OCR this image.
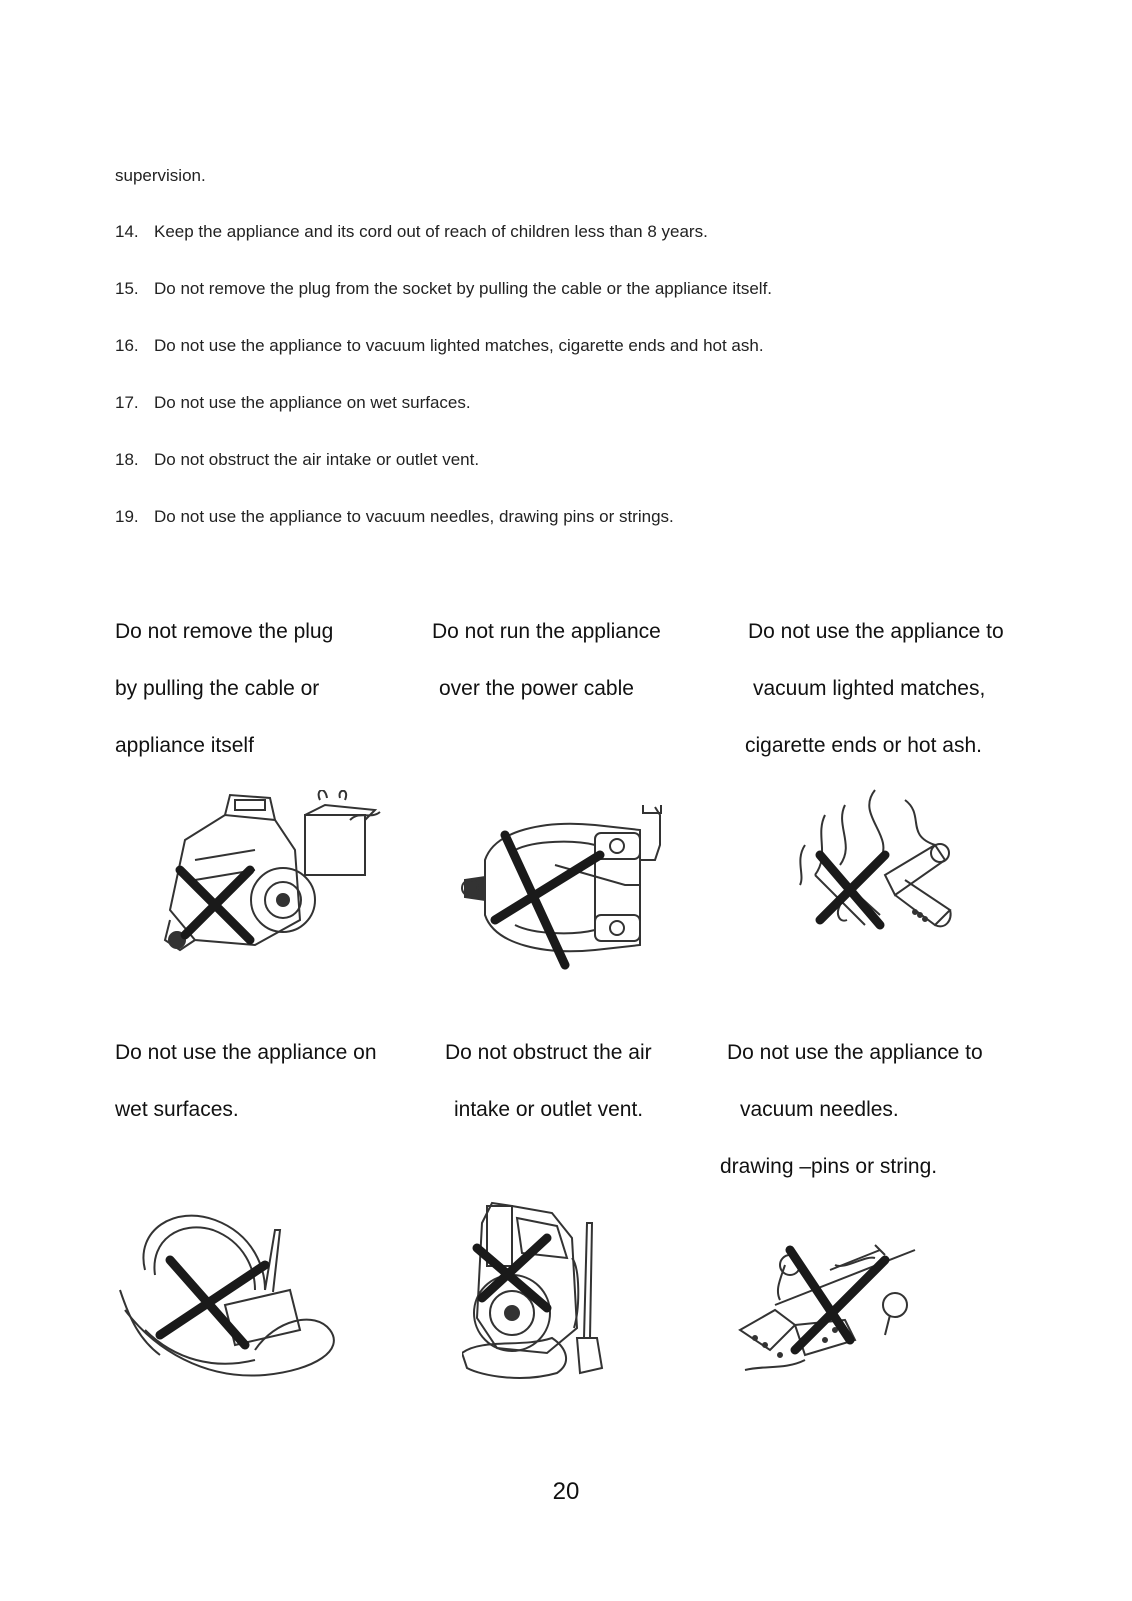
supervision.
14. Keep the appliance and its cord out of reach of children less than 8 years.
15. Do not remove the plug from the socket by pulling the cable or the appliance itself.
16. Do not use the appliance to vacuum lighted matches, cigarette ends and hot ash.
17. Do not use the appliance on wet surfaces.
18. Do not obstruct the air intake or outlet vent.
19. Do not use the appliance to vacuum needles, drawing pins or strings.
Do not remove the plug
by pulling the cable or
appliance itself
Do not run the appliance
over the power cable
Do not use the appliance to
vacuum lighted matches,
cigarette ends or hot ash.
Do not use the appliance on
wet surfaces.
Do not obstruct the air
intake or outlet vent.
Do not use the appliance to
vacuum needles.
drawing –pins or string.
20
